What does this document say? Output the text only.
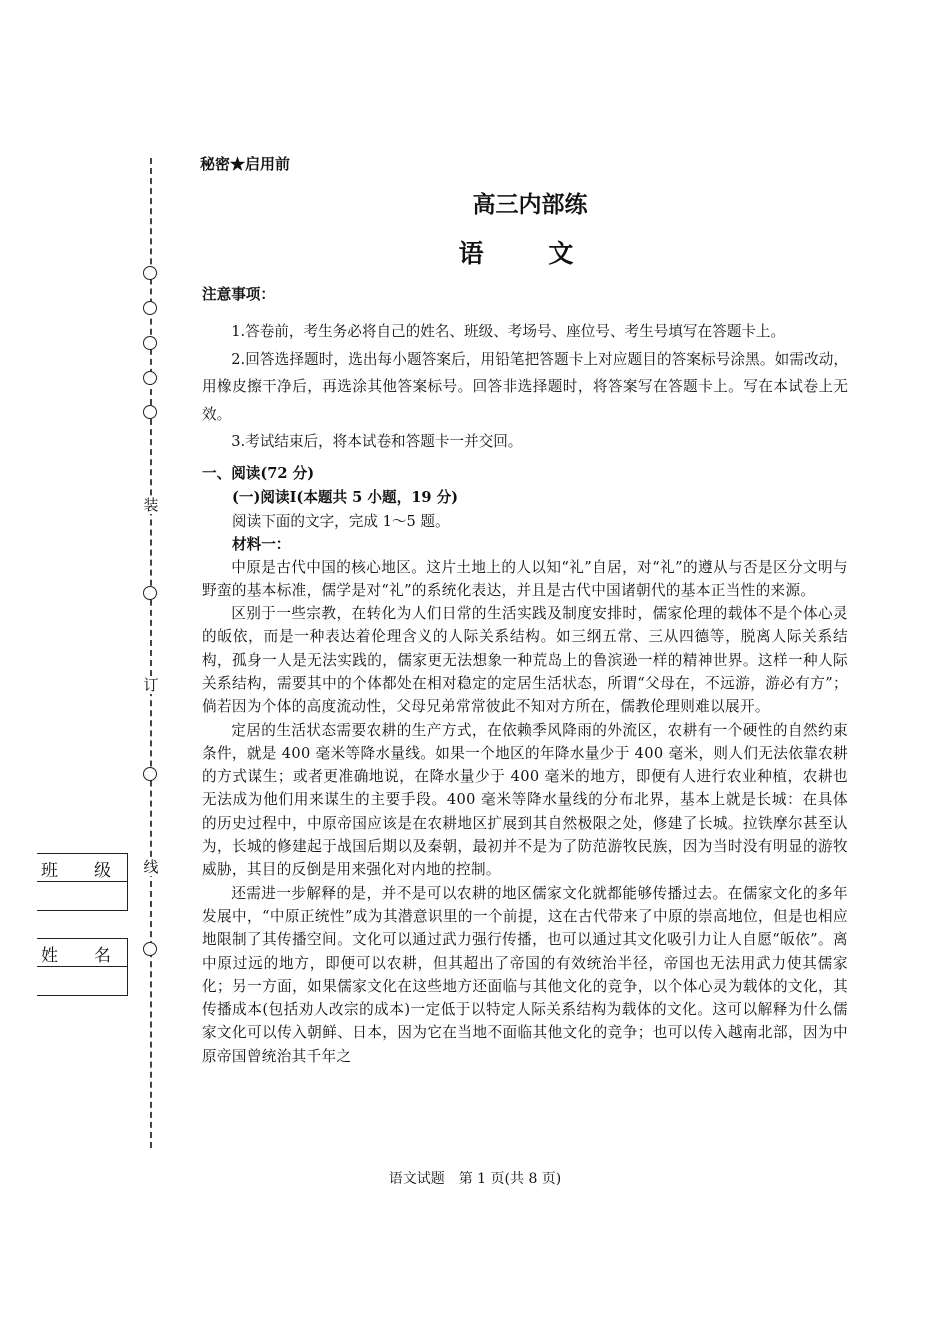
装
订
线
班 级
姓 名
秘密★启用前
高三内部练
语 文

注意事项：

1.答卷前，考生务必将自己的姓名、班级、考场号、座位号、考生号填写在答题卡上。

2.回答选择题时，选出每小题答案后，用铅笔把答题卡上对应题目的答案标号涂黑。如需改动，用橡皮擦干净后，再选涂其他答案标号。回答非选择题时，将答案写在答题卡上。写在本试卷上无效。

3.考试结束后，将本试卷和答题卡一并交回。

一、阅读(72 分)

(一)阅读Ⅰ(本题共 5 小题，19 分)

阅读下面的文字，完成 1～5 题。

材料一：

中原是古代中国的核心地区。这片土地上的人以知“礼”自居，对“礼”的遵从与否是区分文明与野蛮的基本标准，儒学是对“礼”的系统化表达，并且是古代中国诸朝代的基本正当性的来源。

区别于一些宗教，在转化为人们日常的生活实践及制度安排时，儒家伦理的载体不是个体心灵的皈依，而是一种表达着伦理含义的人际关系结构。如三纲五常、三从四德等，脱离人际关系结构，孤身一人是无法实践的，儒家更无法想象一种荒岛上的鲁滨逊一样的精神世界。这样一种人际关系结构，需要其中的个体都处在相对稳定的定居生活状态，所谓“父母在，不远游，游必有方”；倘若因为个体的高度流动性，父母兄弟常常彼此不知对方所在，儒教伦理则难以展开。

定居的生活状态需要农耕的生产方式，在依赖季风降雨的外流区，农耕有一个硬性的自然约束条件，就是 400 毫米等降水量线。如果一个地区的年降水量少于 400 毫米，则人们无法依靠农耕的方式谋生；或者更准确地说，在降水量少于 400 毫米的地方，即便有人进行农业种植，农耕也无法成为他们用来谋生的主要手段。400 毫米等降水量线的分布北界，基本上就是长城：在具体的历史过程中，中原帝国应该是在农耕地区扩展到其自然极限之处，修建了长城。拉铁摩尔甚至认为，长城的修建起于战国后期以及秦朝，最初并不是为了防范游牧民族，因为当时没有明显的游牧威胁，其目的反倒是用来强化对内地的控制。

还需进一步解释的是，并不是可以农耕的地区儒家文化就都能够传播过去。在儒家文化的多年发展中，“中原正统性”成为其潜意识里的一个前提，这在古代带来了中原的崇高地位，但是也相应地限制了其传播空间。文化可以通过武力强行传播，也可以通过其文化吸引力让人自愿“皈依”。离中原过远的地方，即便可以农耕，但其超出了帝国的有效统治半径，帝国也无法用武力使其儒家化；另一方面，如果儒家文化在这些地方还面临与其他文化的竞争，以个体心灵为载体的文化，其传播成本(包括劝人改宗的成本)一定低于以特定人际关系结构为载体的文化。这可以解释为什么儒家文化可以传入朝鲜、日本，因为它在当地不面临其他文化的竞争；也可以传入越南北部，因为中原帝国曾统治其千年之

语文试题　第 1 页(共 8 页)
